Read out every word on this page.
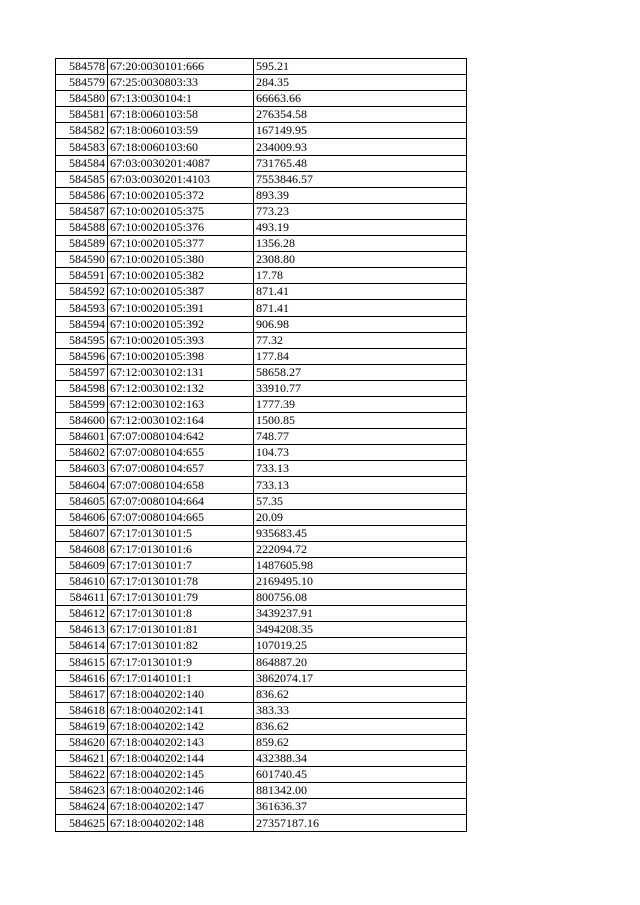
584578	67:20:0030101:666	595.21
584579	67:25:0030803:33	284.35
584580	67:13:0030104:1	66663.66
584581	67:18:0060103:58	276354.58
584582	67:18:0060103:59	167149.95
584583	67:18:0060103:60	234009.93
584584	67:03:0030201:4087	731765.48
584585	67:03:0030201:4103	7553846.57
584586	67:10:0020105:372	893.39
584587	67:10:0020105:375	773.23
584588	67:10:0020105:376	493.19
584589	67:10:0020105:377	1356.28
584590	67:10:0020105:380	2308.80
584591	67:10:0020105:382	17.78
584592	67:10:0020105:387	871.41
584593	67:10:0020105:391	871.41
584594	67:10:0020105:392	906.98
584595	67:10:0020105:393	77.32
584596	67:10:0020105:398	177.84
584597	67:12:0030102:131	58658.27
584598	67:12:0030102:132	33910.77
584599	67:12:0030102:163	1777.39
584600	67:12:0030102:164	1500.85
584601	67:07:0080104:642	748.77
584602	67:07:0080104:655	104.73
584603	67:07:0080104:657	733.13
584604	67:07:0080104:658	733.13
584605	67:07:0080104:664	57.35
584606	67:07:0080104:665	20.09
584607	67:17:0130101:5	935683.45
584608	67:17:0130101:6	222094.72
584609	67:17:0130101:7	1487605.98
584610	67:17:0130101:78	2169495.10
584611	67:17:0130101:79	800756.08
584612	67:17:0130101:8	3439237.91
584613	67:17:0130101:81	3494208.35
584614	67:17:0130101:82	107019.25
584615	67:17:0130101:9	864887.20
584616	67:17:0140101:1	3862074.17
584617	67:18:0040202:140	836.62
584618	67:18:0040202:141	383.33
584619	67:18:0040202:142	836.62
584620	67:18:0040202:143	859.62
584621	67:18:0040202:144	432388.34
584622	67:18:0040202:145	601740.45
584623	67:18:0040202:146	881342.00
584624	67:18:0040202:147	361636.37
584625	67:18:0040202:148	27357187.16
